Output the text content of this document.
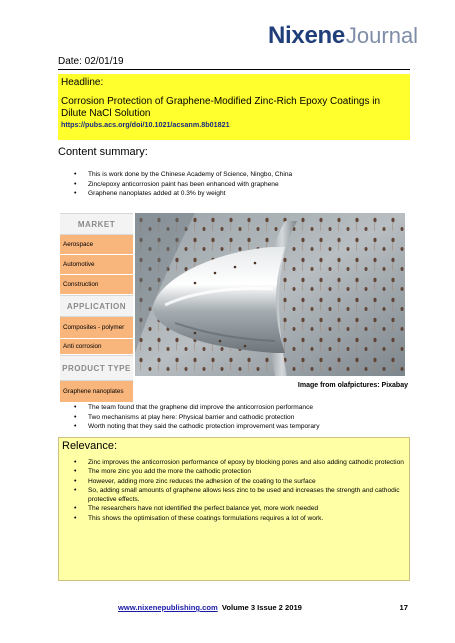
NixeneJournal
Date: 02/01/19
Headline:
Corrosion Protection of Graphene-Modified Zinc-Rich Epoxy Coatings in Dilute NaCl Solution
https://pubs.acs.org/doi/10.1021/acsanm.8b01821
Content summary:
• This is work done by the Chinese Academy of Science, Ningbo, China
• Zinc/epoxy anticorrosion paint has been enhanced with graphene
• Graphene nanoplates added at 0.3% by weight
MARKET
Aerospace
Automotive
Construction
APPLICATION
Composites - polymer
Anti corrosion
PRODUCT TYPE
Graphene nanoplates
Image from olafpictures: Pixabay
• The team found that the graphene did improve the anticorrosion performance
• Two mechanisms at play here: Physical barrier and cathodic protection
• Worth noting that they said the cathodic protection improvement was temporary
Relevance:
• Zinc improves the anticorrosion performance of epoxy by blocking pores and also adding cathodic protection
• The more zinc you add the more the cathodic protection
• However, adding more zinc reduces the adhesion of the coating to the surface
• So, adding small amounts of graphene allows less zinc to be used and increases the strength and cathodic protective effects.
• The researchers have not identified the perfect balance yet, more work needed
• This shows the optimisation of these coatings formulations requires a lot of work.
www.nixenepublishing.com Volume 3 Issue 2 2019	17
